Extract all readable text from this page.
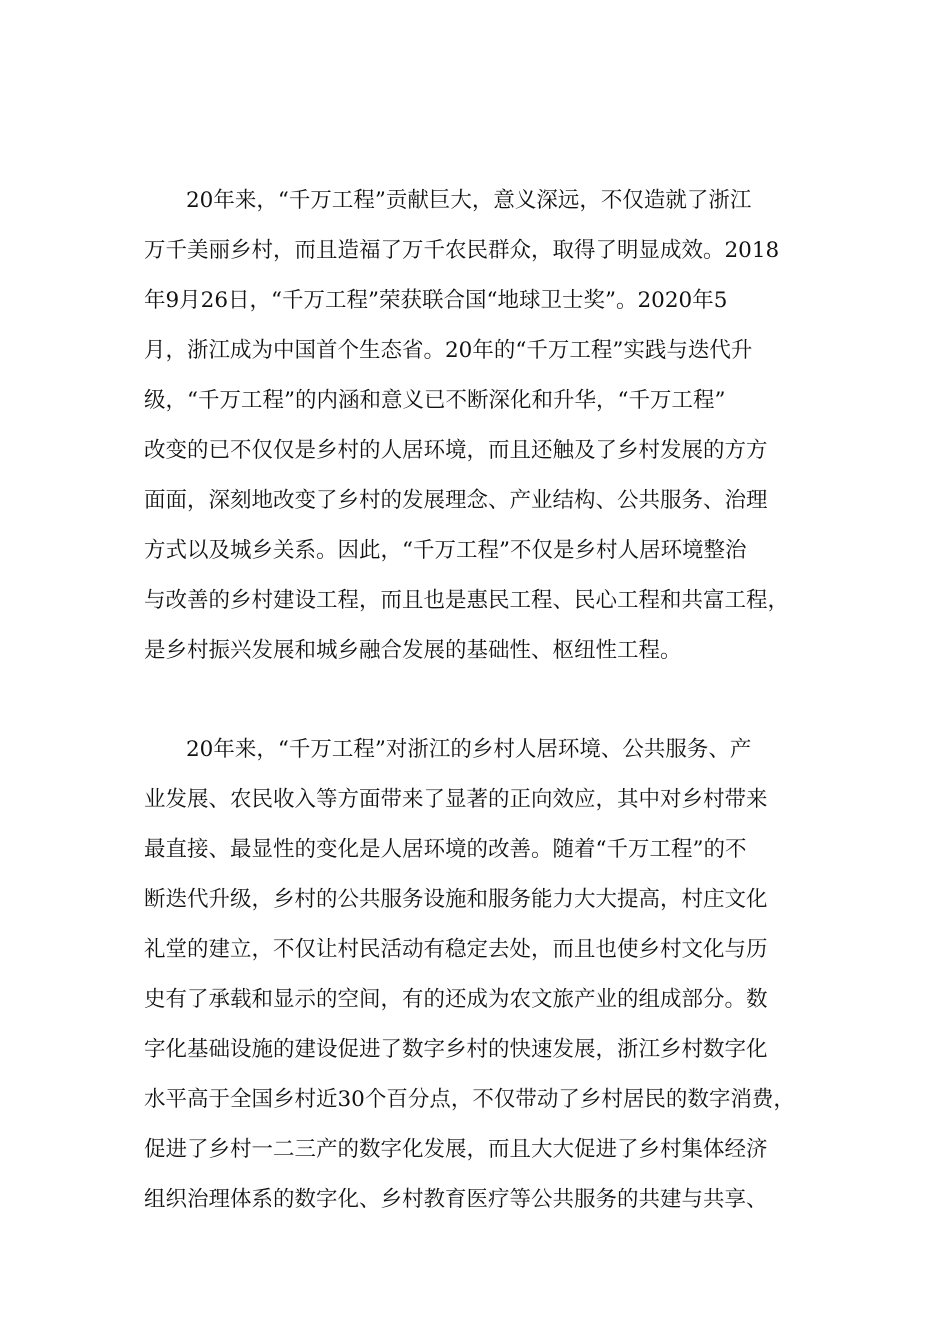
20年来，“千万工程”贡献巨大，意义深远，不仅造就了浙江
万千美丽乡村，而且造福了万千农民群众，取得了明显成效。2018
年9月26日，“千万工程”荣获联合国“地球卫士奖”。2020年5
月，浙江成为中国首个生态省。20年的“千万工程”实践与迭代升
级，“千万工程”的内涵和意义已不断深化和升华，“千万工程”
改变的已不仅仅是乡村的人居环境，而且还触及了乡村发展的方方
面面，深刻地改变了乡村的发展理念、产业结构、公共服务、治理
方式以及城乡关系。因此，“千万工程”不仅是乡村人居环境整治
与改善的乡村建设工程，而且也是惠民工程、民心工程和共富工程，
是乡村振兴发展和城乡融合发展的基础性、枢纽性工程。
20年来，“千万工程”对浙江的乡村人居环境、公共服务、产
业发展、农民收入等方面带来了显著的正向效应，其中对乡村带来
最直接、最显性的变化是人居环境的改善。随着“千万工程”的不
断迭代升级，乡村的公共服务设施和服务能力大大提高，村庄文化
礼堂的建立，不仅让村民活动有稳定去处，而且也使乡村文化与历
史有了承载和显示的空间，有的还成为农文旅产业的组成部分。数
字化基础设施的建设促进了数字乡村的快速发展，浙江乡村数字化
水平高于全国乡村近30个百分点，不仅带动了乡村居民的数字消费，
促进了乡村一二三产的数字化发展，而且大大促进了乡村集体经济
组织治理体系的数字化、乡村教育医疗等公共服务的共建与共享、
